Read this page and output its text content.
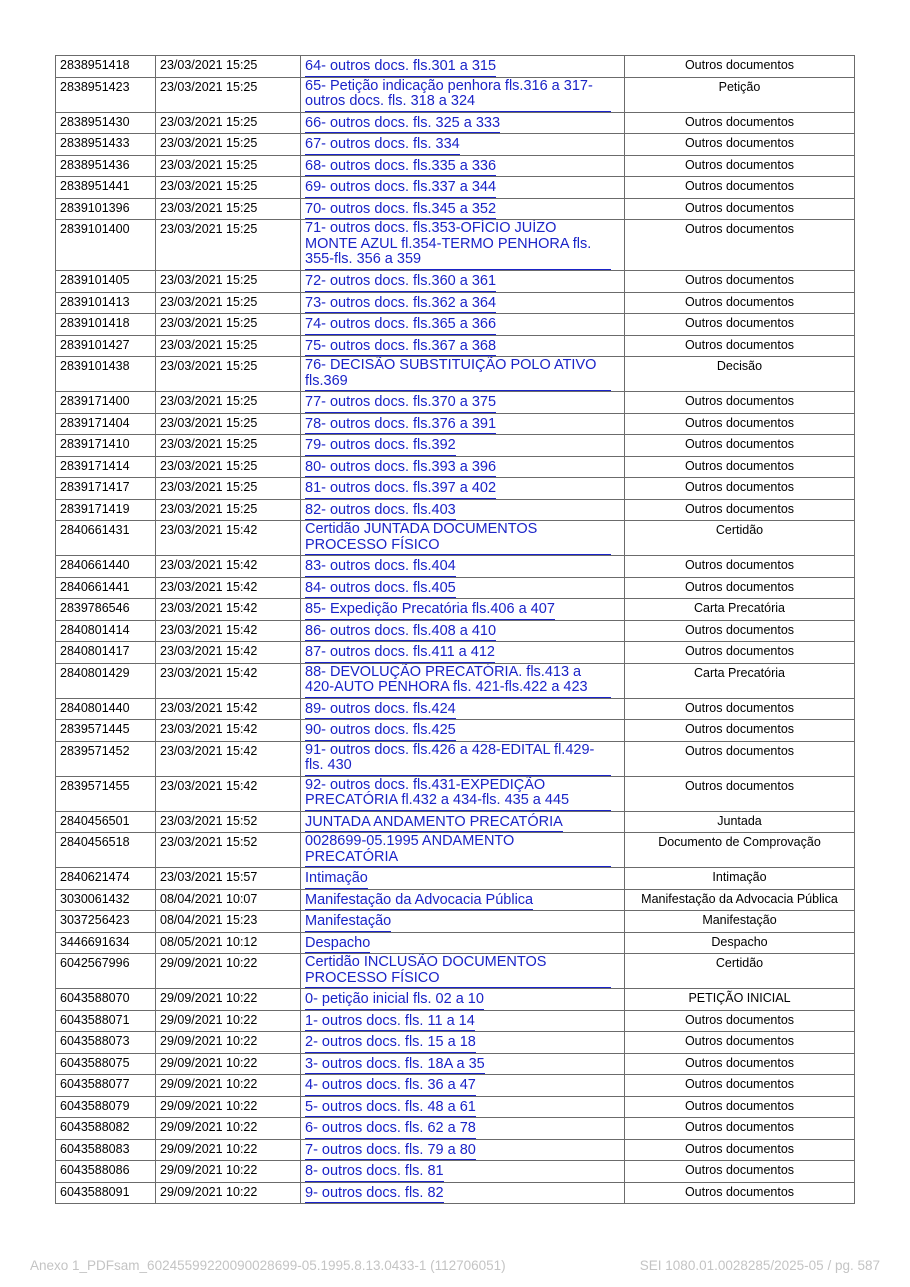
2838951418	23/03/2021 15:25	64- outros docs. fls.301 a 315	Outros documentos
2838951423	23/03/2021 15:25	65- Petição indicação penhora fls.316 a 317- outros docs. fls. 318 a 324	Petição
2838951430	23/03/2021 15:25	66- outros docs. fls. 325 a 333	Outros documentos
2838951433	23/03/2021 15:25	67- outros docs. fls. 334	Outros documentos
2838951436	23/03/2021 15:25	68- outros docs. fls.335 a 336	Outros documentos
2838951441	23/03/2021 15:25	69- outros docs. fls.337 a 344	Outros documentos
2839101396	23/03/2021 15:25	70- outros docs. fls.345 a 352	Outros documentos
2839101400	23/03/2021 15:25	71- outros docs. fls.353-OFÍCIO JUÍZO MONTE AZUL fl.354-TERMO PENHORA fls. 355-fls. 356 a 359	Outros documentos
2839101405	23/03/2021 15:25	72- outros docs. fls.360 a 361	Outros documentos
2839101413	23/03/2021 15:25	73- outros docs. fls.362 a 364	Outros documentos
2839101418	23/03/2021 15:25	74- outros docs. fls.365 a 366	Outros documentos
2839101427	23/03/2021 15:25	75- outros docs. fls.367 a 368	Outros documentos
2839101438	23/03/2021 15:25	76- DECISÃO SUBSTITUIÇÃO POLO ATIVO fls.369	Decisão
2839171400	23/03/2021 15:25	77- outros docs. fls.370 a 375	Outros documentos
2839171404	23/03/2021 15:25	78- outros docs. fls.376 a 391	Outros documentos
2839171410	23/03/2021 15:25	79- outros docs. fls.392	Outros documentos
2839171414	23/03/2021 15:25	80- outros docs. fls.393 a 396	Outros documentos
2839171417	23/03/2021 15:25	81- outros docs. fls.397 a 402	Outros documentos
2839171419	23/03/2021 15:25	82- outros docs. fls.403	Outros documentos
2840661431	23/03/2021 15:42	Certidão JUNTADA DOCUMENTOS PROCESSO FÍSICO	Certidão
2840661440	23/03/2021 15:42	83- outros docs. fls.404	Outros documentos
2840661441	23/03/2021 15:42	84- outros docs. fls.405	Outros documentos
2839786546	23/03/2021 15:42	85- Expedição Precatória fls.406 a 407	Carta Precatória
2840801414	23/03/2021 15:42	86- outros docs. fls.408 a 410	Outros documentos
2840801417	23/03/2021 15:42	87- outros docs. fls.411 a 412	Outros documentos
2840801429	23/03/2021 15:42	88- DEVOLUÇÃO PRECATÓRIA. fls.413 a 420-AUTO PENHORA fls. 421-fls.422 a 423	Carta Precatória
2840801440	23/03/2021 15:42	89- outros docs. fls.424	Outros documentos
2839571445	23/03/2021 15:42	90- outros docs. fls.425	Outros documentos
2839571452	23/03/2021 15:42	91- outros docs. fls.426 a 428-EDITAL fl.429- fls. 430	Outros documentos
2839571455	23/03/2021 15:42	92- outros docs. fls.431-EXPEDIÇÃO PRECATÓRIA fl.432 a 434-fls. 435 a 445	Outros documentos
2840456501	23/03/2021 15:52	JUNTADA ANDAMENTO PRECATÓRIA	Juntada
2840456518	23/03/2021 15:52	0028699-05.1995 ANDAMENTO PRECATÓRIA	Documento de Comprovação
2840621474	23/03/2021 15:57	Intimação	Intimação
3030061432	08/04/2021 10:07	Manifestação da Advocacia Pública	Manifestação da Advocacia Pública
3037256423	08/04/2021 15:23	Manifestação	Manifestação
3446691634	08/05/2021 10:12	Despacho	Despacho
6042567996	29/09/2021 10:22	Certidão INCLUSÃO DOCUMENTOS PROCESSO FÍSICO	Certidão
6043588070	29/09/2021 10:22	0- petição inicial fls. 02 a 10	PETIÇÃO INICIAL
6043588071	29/09/2021 10:22	1- outros docs. fls. 11 a 14	Outros documentos
6043588073	29/09/2021 10:22	2- outros docs. fls. 15 a 18	Outros documentos
6043588075	29/09/2021 10:22	3- outros docs. fls. 18A a 35	Outros documentos
6043588077	29/09/2021 10:22	4- outros docs. fls. 36 a 47	Outros documentos
6043588079	29/09/2021 10:22	5- outros docs. fls. 48 a 61	Outros documentos
6043588082	29/09/2021 10:22	6- outros docs. fls. 62 a 78	Outros documentos
6043588083	29/09/2021 10:22	7- outros docs. fls. 79 a 80	Outros documentos
6043588086	29/09/2021 10:22	8- outros docs. fls. 81	Outros documentos
6043588091	29/09/2021 10:22	9- outros docs. fls. 82	Outros documentos
Anexo 1_PDFsam_60245599220090028699-05.1995.8.13.0433-1 (112706051)	SEI 1080.01.0028285/2025-05 / pg. 587
